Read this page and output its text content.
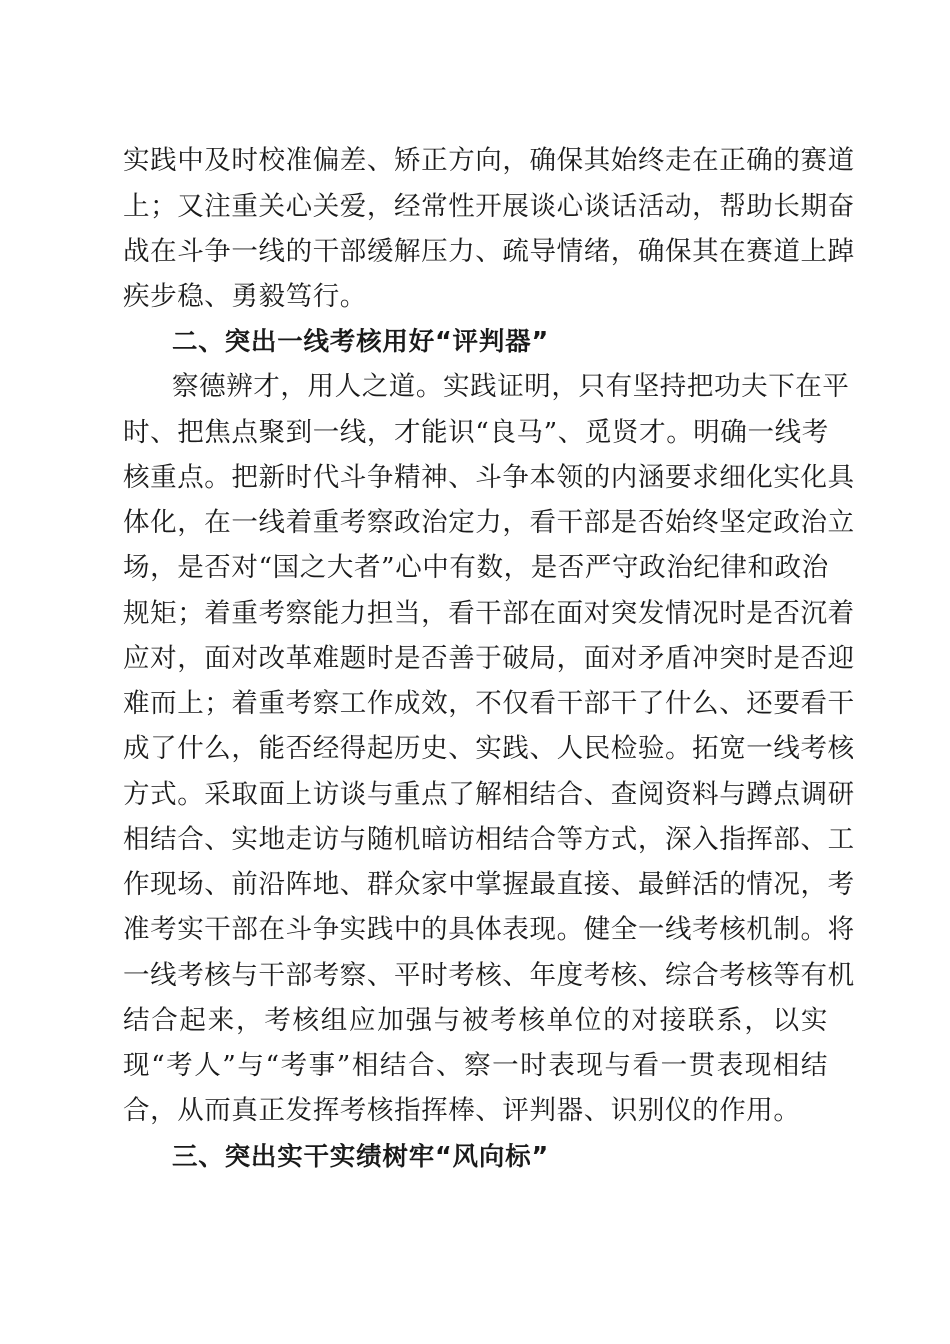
实践中及时校准偏差、矫正方向，确保其始终走在正确的赛道
上；又注重关心关爱，经常性开展谈心谈话活动，帮助长期奋
战在斗争一线的干部缓解压力、疏导情绪，确保其在赛道上踔
疾步稳、勇毅笃行。
二、突出一线考核用好“评判器”
察德辨才，用人之道。实践证明，只有坚持把功夫下在平
时、把焦点聚到一线，才能识“良马”、觅贤才。明确一线考
核重点。把新时代斗争精神、斗争本领的内涵要求细化实化具
体化，在一线着重考察政治定力，看干部是否始终坚定政治立
场，是否对“国之大者”心中有数，是否严守政治纪律和政治
规矩；着重考察能力担当，看干部在面对突发情况时是否沉着
应对，面对改革难题时是否善于破局，面对矛盾冲突时是否迎
难而上；着重考察工作成效，不仅看干部干了什么、还要看干
成了什么，能否经得起历史、实践、人民检验。拓宽一线考核
方式。采取面上访谈与重点了解相结合、查阅资料与蹲点调研
相结合、实地走访与随机暗访相结合等方式，深入指挥部、工
作现场、前沿阵地、群众家中掌握最直接、最鲜活的情况，考
准考实干部在斗争实践中的具体表现。健全一线考核机制。将
一线考核与干部考察、平时考核、年度考核、综合考核等有机
结合起来，考核组应加强与被考核单位的对接联系，以实
现“考人”与“考事”相结合、察一时表现与看一贯表现相结
合，从而真正发挥考核指挥棒、评判器、识别仪的作用。
三、突出实干实绩树牢“风向标”
